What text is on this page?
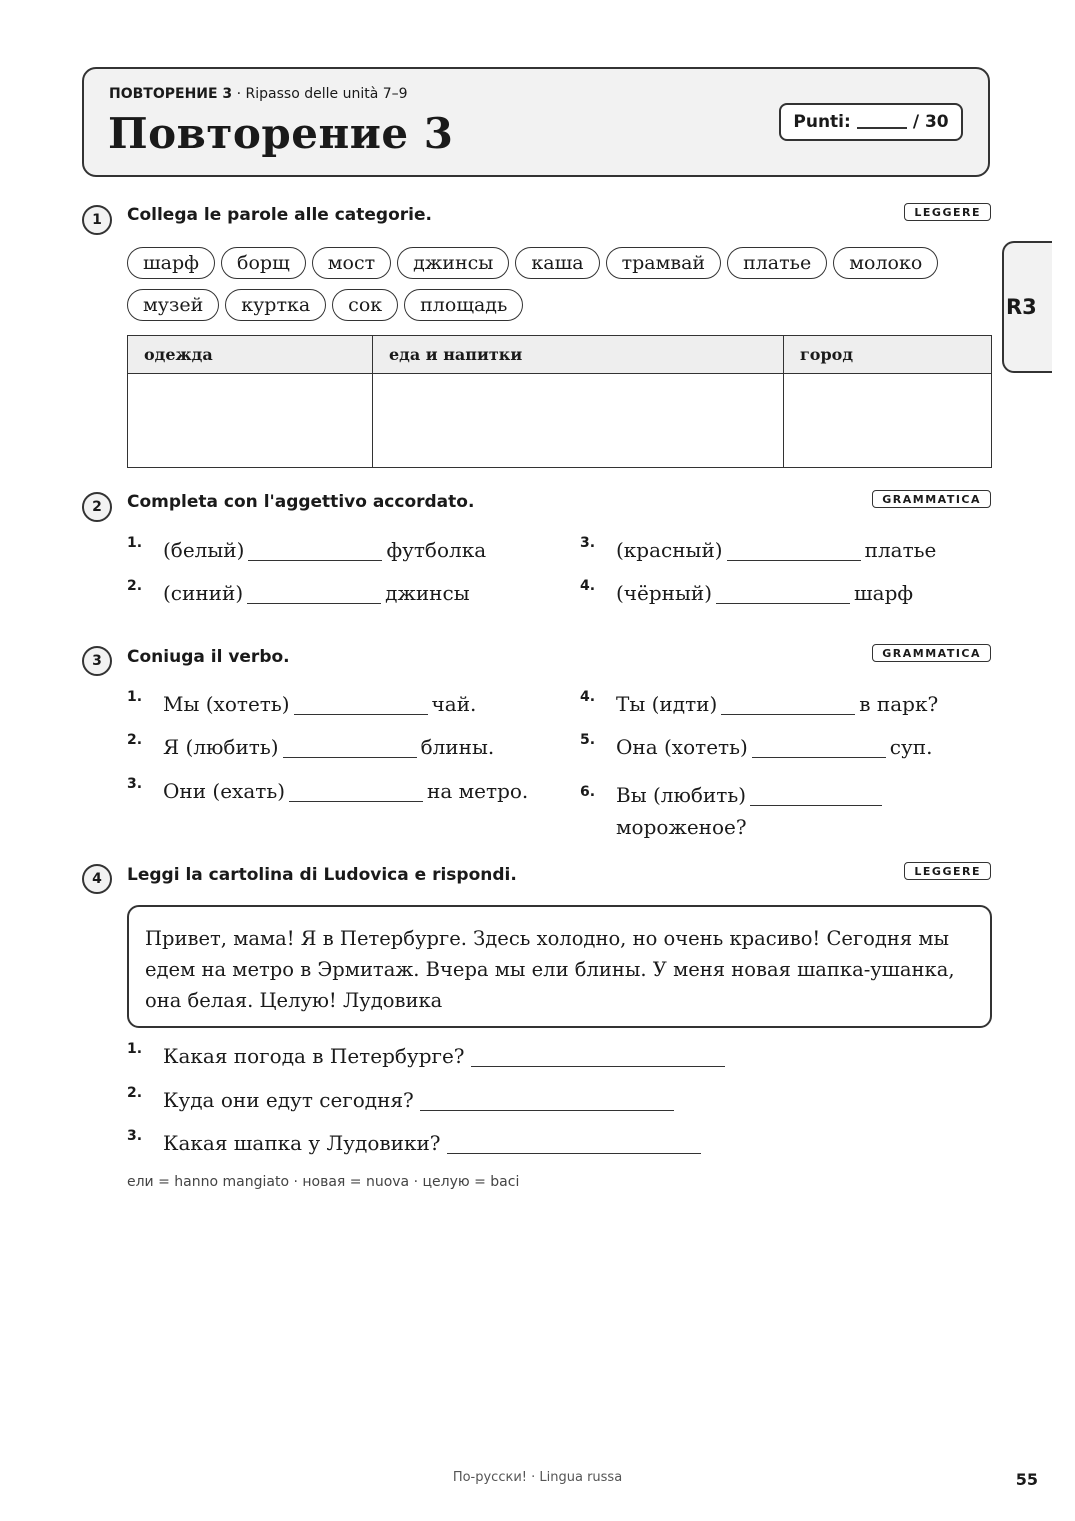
ПОВТОРЕНИЕ 3 · Ripasso delle unità 7–9
Повторение 3	Punti:	/ 30
R3
1	Collega le parole alle categorie.	LEGGERE
шарф борщ мост джинсы каша трамвай платье молокомузей куртка сок площадь
одежда	еда и напитки	город

2	Completa con l'aggettivo accordato.	GRAMMATICA
1. (белый)	футболка
2. (синий)	джинсы
3. (красный)	платье
4. (чёрный)	шарф
3	Coniuga il verbo.	GRAMMATICA
1. Мы (хотеть)	чай.
2. Я (любить)	блины.
3. Они (ехать)	на метро.
4. Ты (идти)	в парк?
5. Она (хотеть)	суп.
6. Вы (любить)
мороженое?
4	Leggi la cartolina di Ludovica e rispondi.	LEGGERE
Привет, мама! Я в Петербурге. Здесь холодно, но очень красиво! Сегодня мы
едем на метро в Эрмитаж. Вчера мы ели блины. У меня новая шапка-ушанка,
она белая. Целую! Лудовика
1. Какая погода в Петербурге?
2. Куда они едут сегодня?
3. Какая шапка у Лудовики?
ели = hanno mangiato · новая = nuova · целую = baci
По-русски! · Lingua russa	55
